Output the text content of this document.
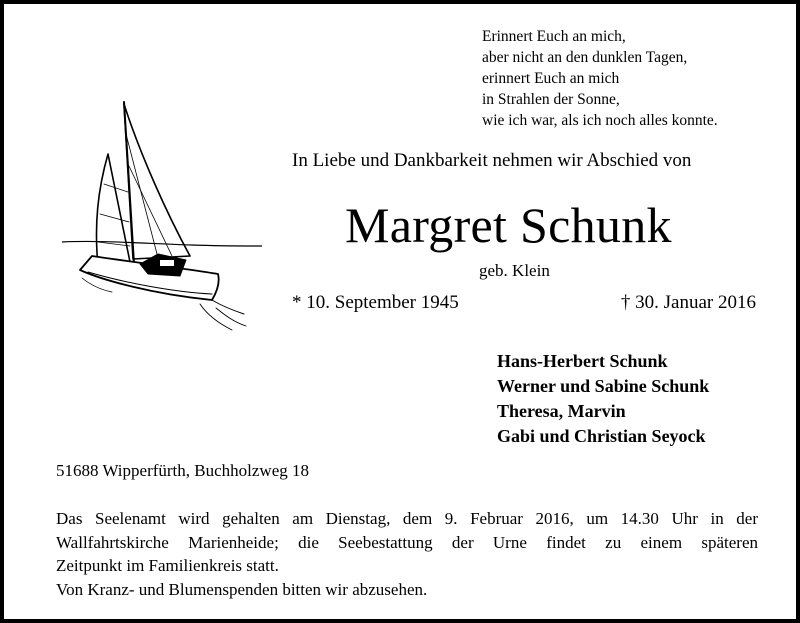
Erinnert Euch an mich,
aber nicht an den dunklen Tagen,
erinnert Euch an mich
in Strahlen der Sonne,
wie ich war, als ich noch alles konnte.
In Liebe und Dankbarkeit nehmen wir Abschied von
Margret Schunk
geb. Klein
* 10. September 1945	† 30. Januar 2016
Hans-Herbert Schunk
Werner und Sabine Schunk
Theresa, Marvin
Gabi und Christian Seyock
51688 Wipperfürth, Buchholzweg 18
Das Seelenamt wird gehalten am Dienstag, dem 9. Februar 2016, um 14.30 Uhr in der
Wallfahrtskirche Marienheide; die Seebestattung der Urne findet zu einem späteren
Zeitpunkt im Familienkreis statt.
Von Kranz- und Blumenspenden bitten wir abzusehen.
